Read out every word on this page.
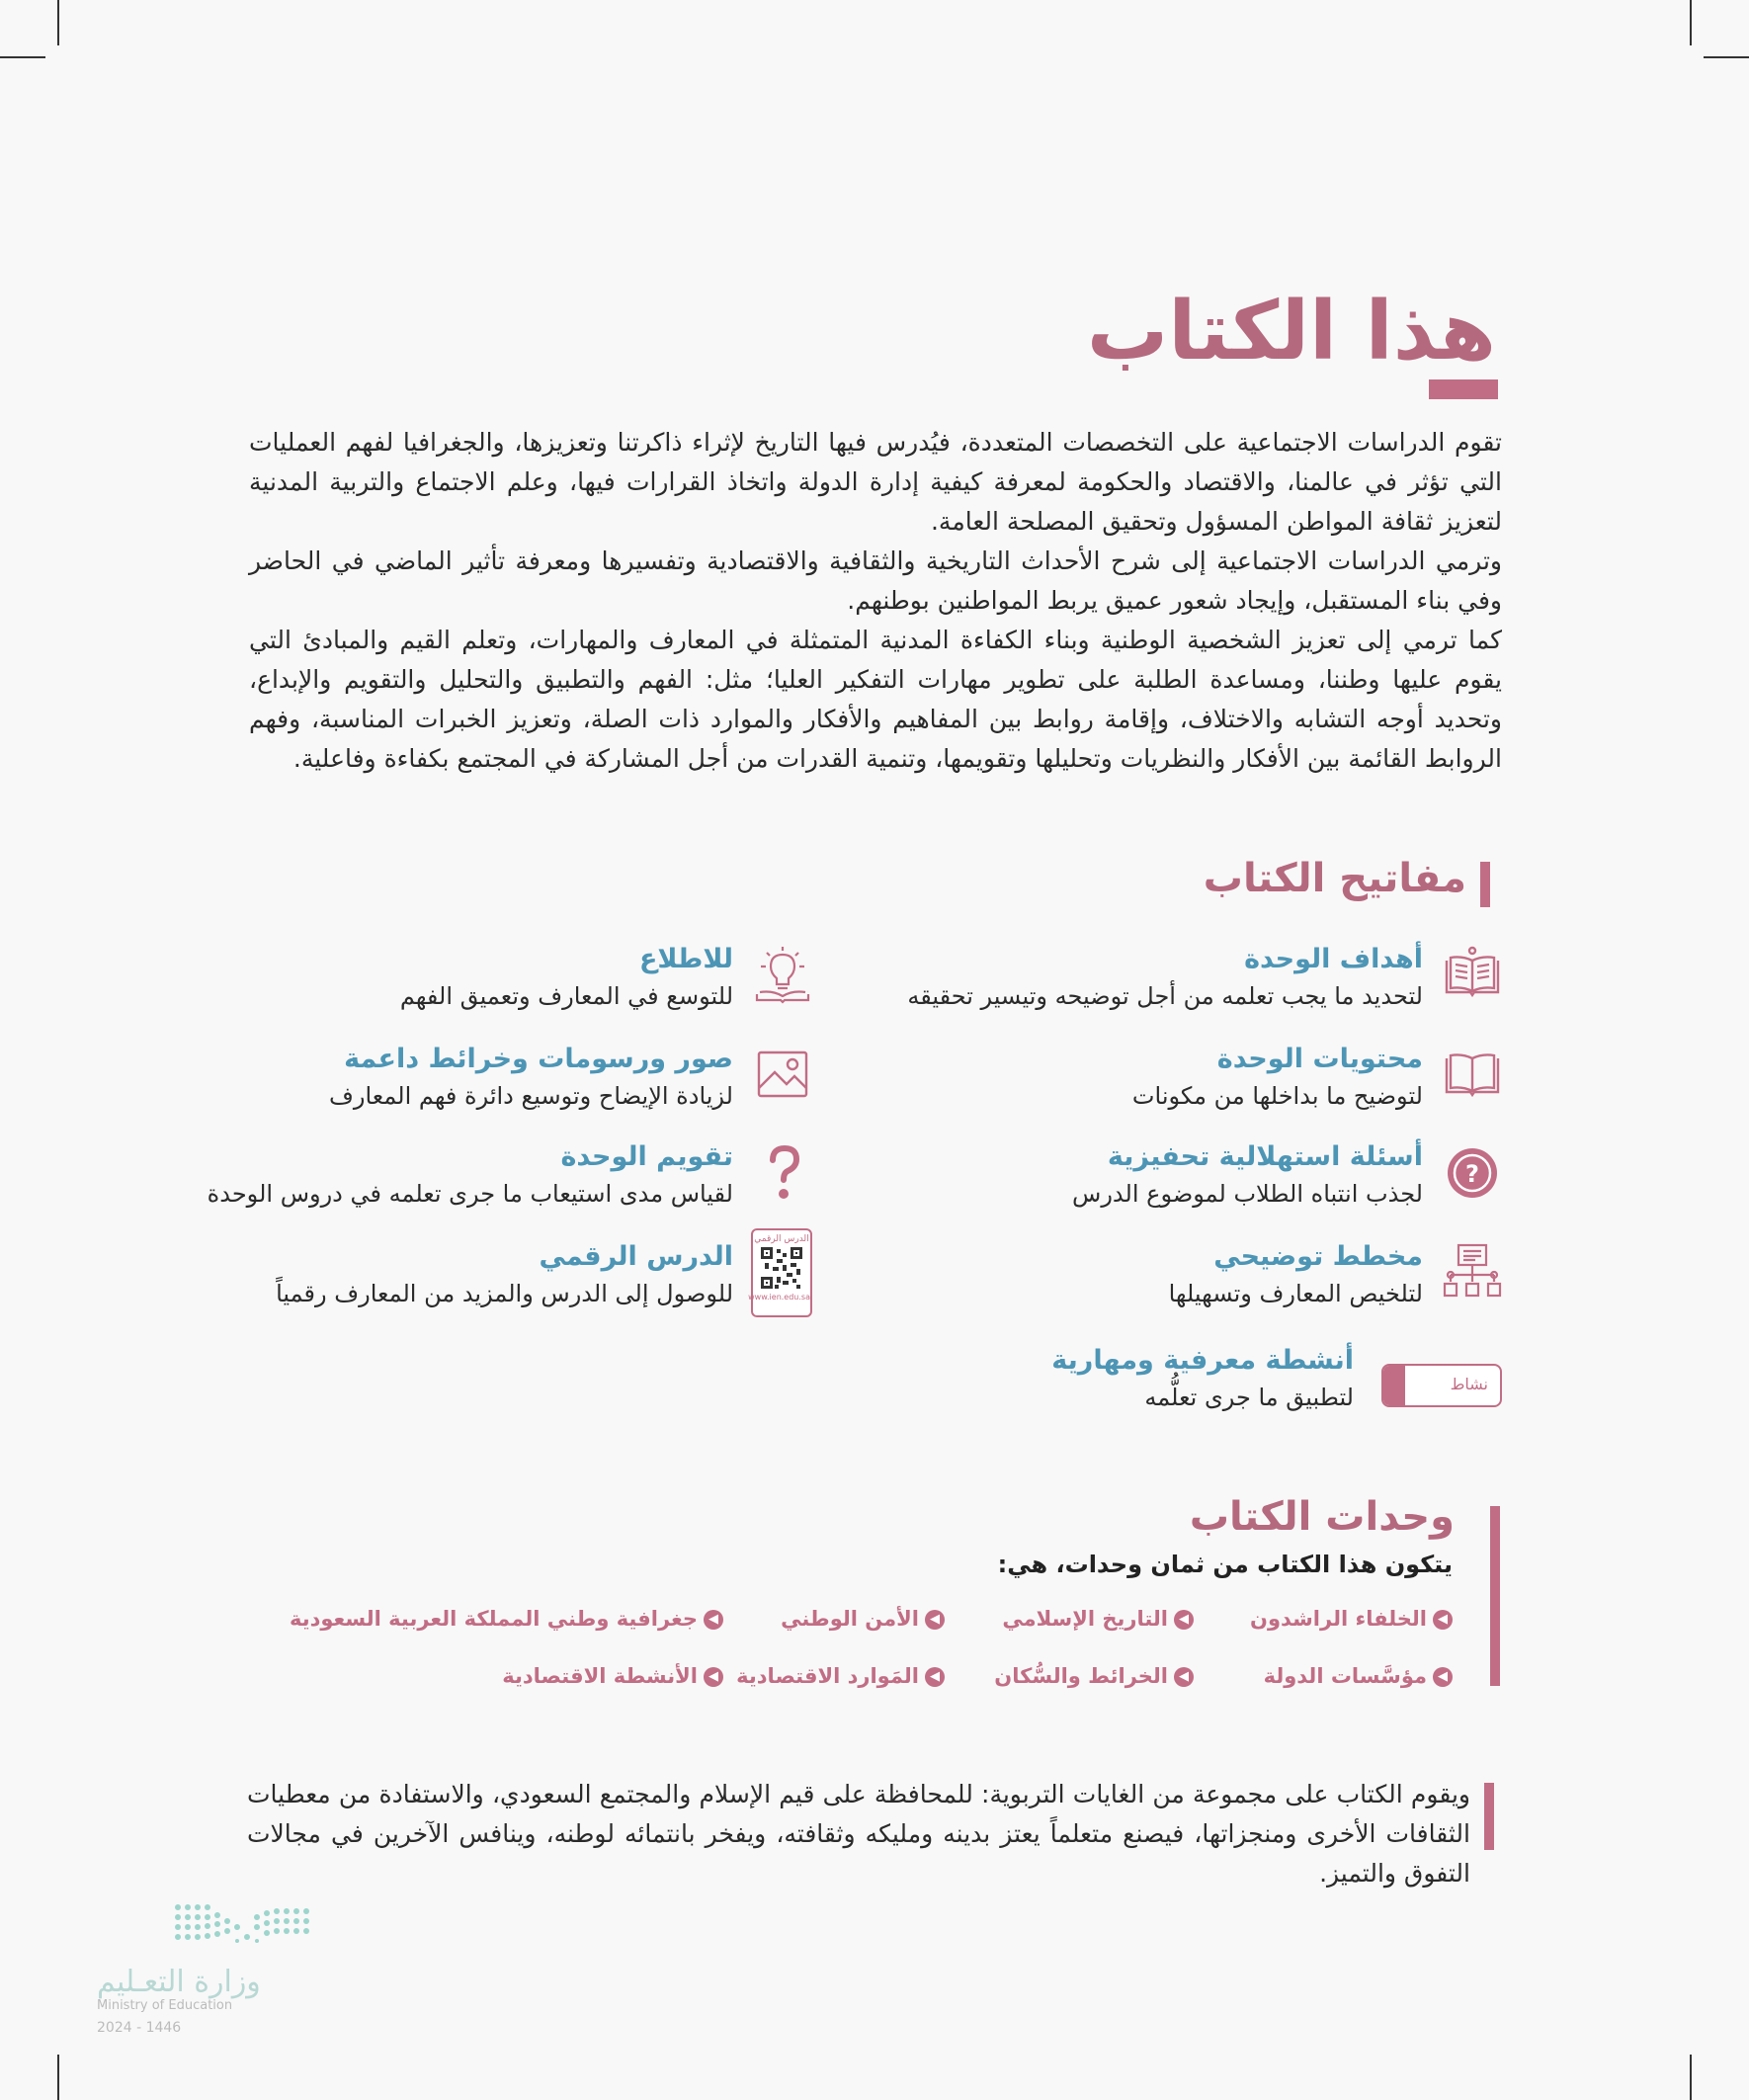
هذا الكتاب

تقوم الدراسات الاجتماعية على التخصصات المتعددة، فيُدرس فيها التاريخ لإثراء ذاكرتنا وتعزيزها، والجغرافيا لفهم العمليات التي تؤثر في عالمنا، والاقتصاد والحكومة لمعرفة كيفية إدارة الدولة واتخاذ القرارات فيها، وعلم الاجتماع والتربية المدنية لتعزيز ثقافة المواطن المسؤول وتحقيق المصلحة العامة.

وترمي الدراسات الاجتماعية إلى شرح الأحداث التاريخية والثقافية والاقتصادية وتفسيرها ومعرفة تأثير الماضي في الحاضر وفي بناء المستقبل، وإيجاد شعور عميق يربط المواطنين بوطنهم.

كما ترمي إلى تعزيز الشخصية الوطنية وبناء الكفاءة المدنية المتمثلة في المعارف والمهارات، وتعلم القيم والمبادئ التي يقوم عليها وطننا، ومساعدة الطلبة على تطوير مهارات التفكير العليا؛ مثل: الفهم والتطبيق والتحليل والتقويم والإبداع، وتحديد أوجه التشابه والاختلاف، وإقامة روابط بين المفاهيم والأفكار والموارد ذات الصلة، وتعزيز الخبرات المناسبة، وفهم الروابط القائمة بين الأفكار والنظريات وتحليلها وتقويمها، وتنمية القدرات من أجل المشاركة في المجتمع بكفاءة وفاعلية.

مفاتيح الكتاب
أهداف الوحدة
لتحديد ما يجب تعلمه من أجل توضيحه وتيسير تحقيقه
محتويات الوحدة
لتوضيح ما بداخلها من مكونات
?
أسئلة استهلالية تحفيزية
لجذب انتباه الطلاب لموضوع الدرس
مخطط توضيحي
لتلخيص المعارف وتسهيلها
نشاط
أنشطة معرفية ومهارية
لتطبيق ما جرى تعلُّمه
للاطلاع
للتوسع في المعارف وتعميق الفهم
صور ورسومات وخرائط داعمة
لزيادة الإيضاح وتوسيع دائرة فهم المعارف
تقويم الوحدة
لقياس مدى استيعاب ما جرى تعلمه في دروس الوحدة
الدرس الرقمي
www.ien.edu.sa
الدرس الرقمي
للوصول إلى الدرس والمزيد من المعارف رقمياً
وحدات الكتاب
يتكون هذا الكتاب من ثمان وحدات، هي:
◀الخلفاء الراشدون
◀التاريخ الإسلامي
◀الأمن الوطني
◀جغرافية وطني المملكة العربية السعودية
◀مؤسَّسات الدولة
◀الخرائط والسُّكان
◀المَوارد الاقتصادية
◀الأنشطة الاقتصادية

ويقوم الكتاب على مجموعة من الغايات التربوية: للمحافظة على قيم الإسلام والمجتمع السعودي، والاستفادة من معطيات الثقافات الأخرى ومنجزاتها، فيصنع متعلماً يعتز بدينه ومليكه وثقافته، ويفخر بانتمائه لوطنه، وينافس الآخرين في مجالات التفوق والتميز.

وزارة التعـليم
Ministry of Education
2024 - 1446
